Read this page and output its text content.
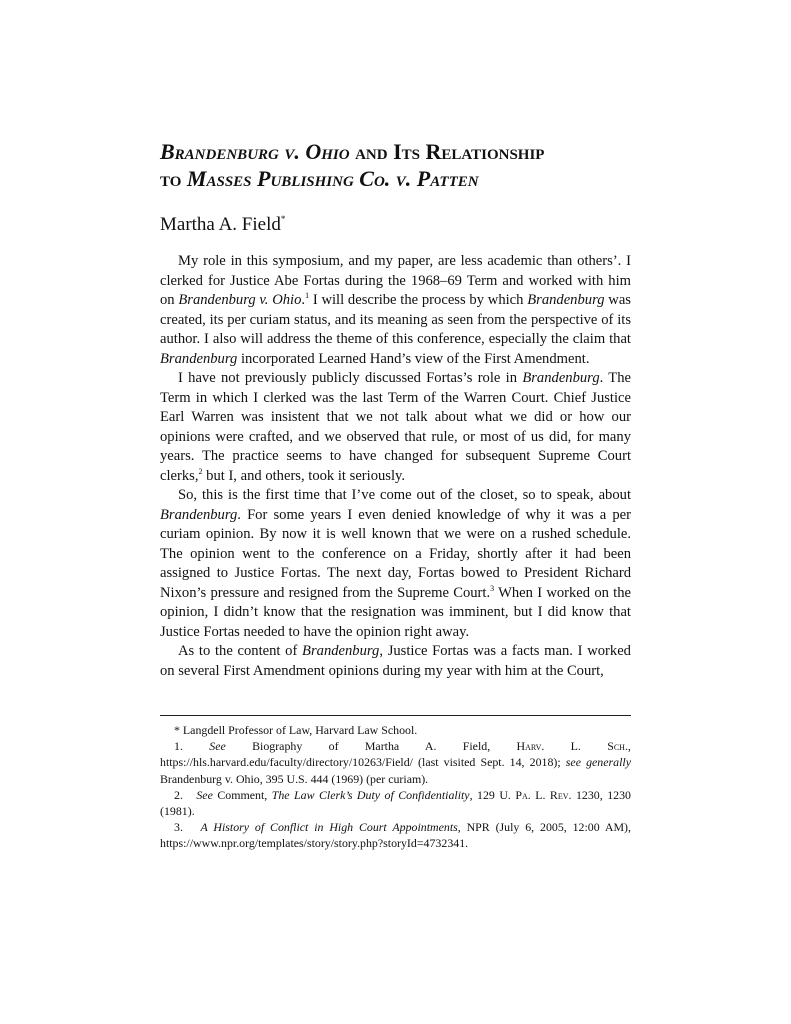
Brandenburg v. Ohio and Its Relationship
to Masses Publishing Co. v. Patten
Martha A. Field*

My role in this symposium, and my paper, are less academic than others’. I clerked for Justice Abe Fortas during the 1968–69 Term and worked with him on Brandenburg v. Ohio.$^1$ I will describe the process by which Brandenburg was created, its per curiam status, and its meaning as seen from the perspective of its author. I also will address the theme of this conference, especially the claim that Brandenburg incorporated Learned Hand’s view of the First Amendment.

I have not previously publicly discussed Fortas’s role in Brandenburg. The Term in which I clerked was the last Term of the Warren Court. Chief Justice Earl Warren was insistent that we not talk about what we did or how our opinions were crafted, and we observed that rule, or most of us did, for many years. The practice seems to have changed for subsequent Supreme Court clerks,$^2$ but I, and others, took it seriously.

So, this is the first time that I’ve come out of the closet, so to speak, about Brandenburg. For some years I even denied knowledge of why it was a per curiam opinion. By now it is well known that we were on a rushed schedule. The opinion went to the conference on a Friday, shortly after it had been assigned to Justice Fortas. The next day, Fortas bowed to President Richard Nixon’s pressure and resigned from the Supreme Court.$^3$ When I worked on the opinion, I didn’t know that the resignation was imminent, but I did know that Justice Fortas needed to have the opinion right away.

As to the content of Brandenburg, Justice Fortas was a facts man. I worked on several First Amendment opinions during my year with him at the Court,

* Langdell Professor of Law, Harvard Law School.

1. See Biography of Martha A. Field, Harv. L. Sch.,

https://hls.harvard.edu/faculty/directory/10263/Field/ (last visited Sept. 14, 2018); see generally Brandenburg v. Ohio, 395 U.S. 444 (1969) (per curiam).

2. See Comment, The Law Clerk’s Duty of Confidentiality, 129 U. Pa. L. Rev. 1230, 1230 (1981).

3. A History of Conflict in High Court Appointments, NPR (July 6, 2005, 12:00 AM), https://www.npr.org/templates/story/story.php?storyId=4732341.
